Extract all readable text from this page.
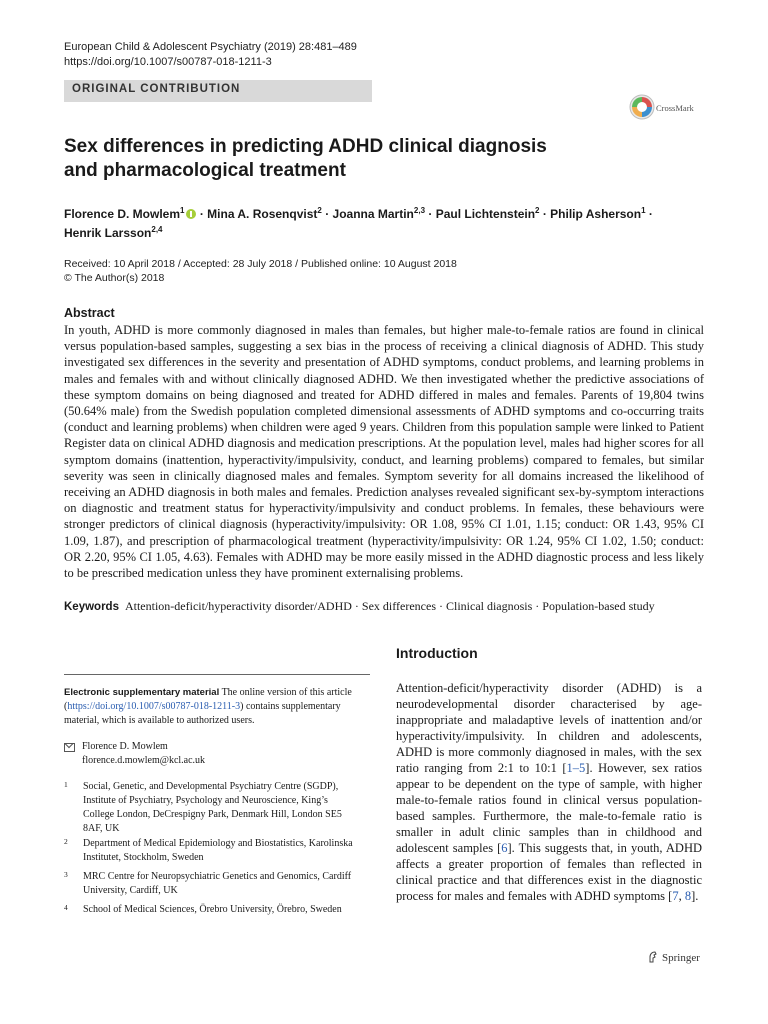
European Child & Adolescent Psychiatry (2019) 28:481–489
https://doi.org/10.1007/s00787-018-1211-3
ORIGINAL CONTRIBUTION
CrossMark
Sex differences in predicting ADHD clinical diagnosis
and pharmacological treatment
Florence D. Mowlem$^1$ · Mina A. Rosenqvist$^2$ · Joanna Martin$^{2,3}$ · Paul Lichtenstein$^2$ · Philip Asherson$^1$ ·
Henrik Larsson$^{2,4}$
Received: 10 April 2018 / Accepted: 28 July 2018 / Published online: 10 August 2018
© The Author(s) 2018
Abstract
In youth, ADHD is more commonly diagnosed in males than females, but higher male-to-female ratios are found in clinical versus population-based samples, suggesting a sex bias in the process of receiving a clinical diagnosis of ADHD. This study investigated sex differences in the severity and presentation of ADHD symptoms, conduct problems, and learning problems in males and females with and without clinically diagnosed ADHD. We then investigated whether the predictive associations of these symptom domains on being diagnosed and treated for ADHD differed in males and females. Parents of 19,804 twins (50.64% male) from the Swedish population completed dimensional assessments of ADHD symptoms and co-occurring traits (conduct and learning problems) when children were aged 9 years. Children from this population sample were linked to Patient Register data on clinical ADHD diagnosis and medication prescriptions. At the population level, males had higher scores for all symptom domains (inattention, hyperactivity/impulsivity, conduct, and learning problems) compared to females, but similar severity was seen in clinically diagnosed males and females. Symptom severity for all domains increased the likelihood of receiving an ADHD diagnosis in both males and females. Prediction analyses revealed significant sex-by-symptom interactions on diagnostic and treatment status for hyperactivity/impulsivity and conduct problems. In females, these behaviours were stronger predictors of clinical diagnosis (hyperactivity/impulsivity: OR 1.08, 95% CI 1.01, 1.15; conduct: OR 1.43, 95% CI 1.09, 1.87), and prescription of pharmacological treatment (hyperactivity/impulsivity: OR 1.24, 95% CI 1.02, 1.50; conduct: OR 2.20, 95% CI 1.05, 4.63). Females with ADHD may be more easily missed in the ADHD diagnostic process and less likely to be prescribed medication unless they have prominent externalising problems.
Keywords Attention-deficit/hyperactivity disorder/ADHD · Sex differences · Clinical diagnosis · Population-based study
Electronic supplementary material The online version of this article (https://doi.org/10.1007/s00787-018-1211-3) contains supplementary material, which is available to authorized users.
Florence D. Mowlem
florence.d.mowlem@kcl.ac.uk
1 Social, Genetic, and Developmental Psychiatry Centre (SGDP), Institute of Psychiatry, Psychology and Neuroscience, King’s College London, DeCrespigny Park, Denmark Hill, London SE5 8AF, UK
2 Department of Medical Epidemiology and Biostatistics, Karolinska Institutet, Stockholm, Sweden
3 MRC Centre for Neuropsychiatric Genetics and Genomics, Cardiff University, Cardiff, UK
4 School of Medical Sciences, Örebro University, Örebro, Sweden
Introduction
Attention-deficit/hyperactivity disorder (ADHD) is a neurodevelopmental disorder characterised by age-inappropriate and maladaptive levels of inattention and/or hyperactivity/impulsivity. In children and adolescents, ADHD is more commonly diagnosed in males, with the sex ratio ranging from 2:1 to 10:1 [1–5]. However, sex ratios appear to be dependent on the type of sample, with higher male-to-female ratios found in clinical versus population-based samples. Furthermore, the male-to-female ratio is smaller in adult clinic samples than in childhood and adolescent samples [6]. This suggests that, in youth, ADHD affects a greater proportion of females than reflected in clinical practice and that differences exist in the diagnostic process for males and females with ADHD symptoms [7, 8].
Springer
